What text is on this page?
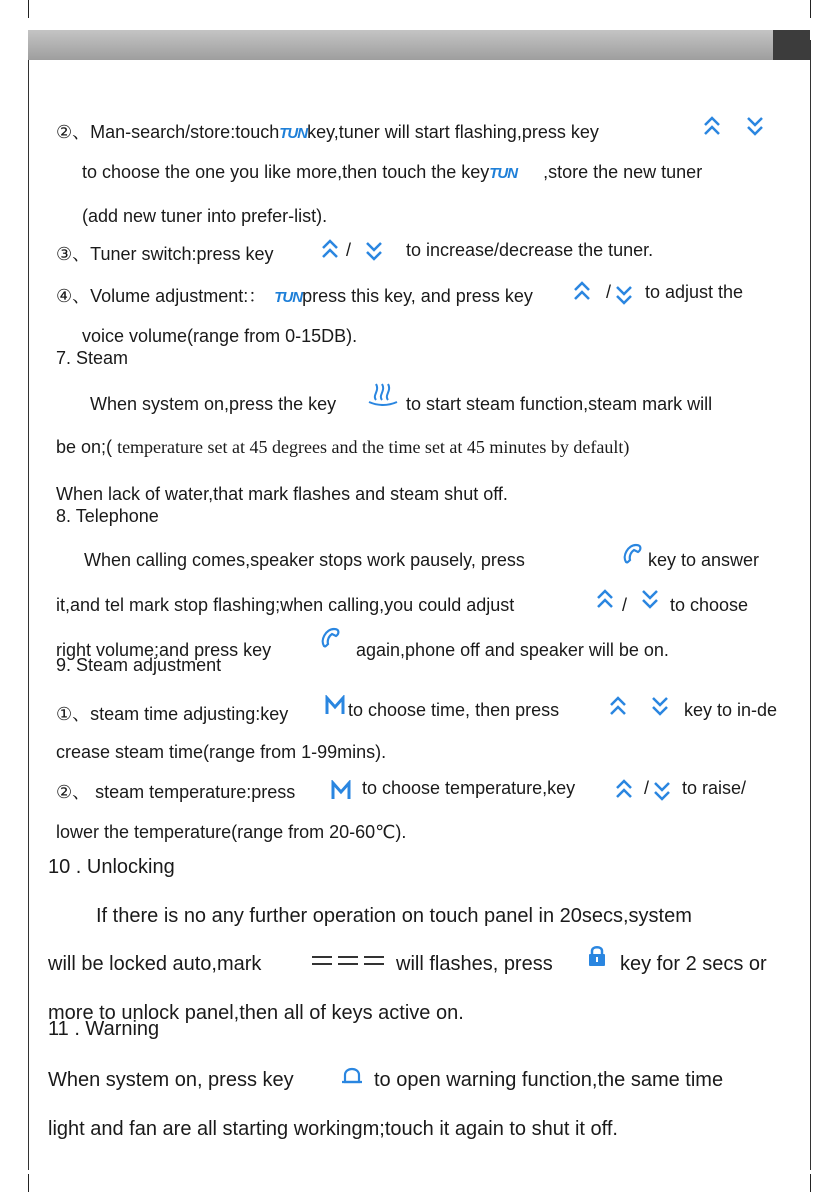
②、Man-search/store:touchTUNkey,tuner will start flashing,press key
to choose the one you like more,then touch the keyTUN ,store the new tuner
(add new tuner into prefer-list).
③、Tuner switch:press key	/	to increase/decrease the tuner.
④、Volume adjustment:： TUNpress this key, and press key	/ to adjust the
voice volume(range from 0-15DB).
7. Steam
When system on,press the key	to start steam function,steam mark will
be on;( temperature set at 45 degrees and the time set at 45 minutes by default)
When lack of water,that mark flashes and steam shut off.
8. Telephone
When calling comes,speaker stops work pausely, press	key to answer
it,and tel mark stop flashing;when calling,you could adjust	/ to choose
right volume;and press key	again,phone off and speaker will be on.
9. Steam adjustment
①、steam time adjusting:key	to choose time, then press	key to in-de
crease steam time(range from 1-99mins).
②、 steam temperature:press	to choose temperature,key	/ to raise/
lower the temperature(range from 20-60℃).
10 . Unlocking
If there is no any further operation on touch panel in 20secs,system
will be locked auto,mark	will flashes, press	key for 2 secs or
more to unlock panel,then all of keys active on.
11 . Warning
When system on, press key	to open warning function,the same time
light and fan are all starting workingm;touch it again to shut it off.
